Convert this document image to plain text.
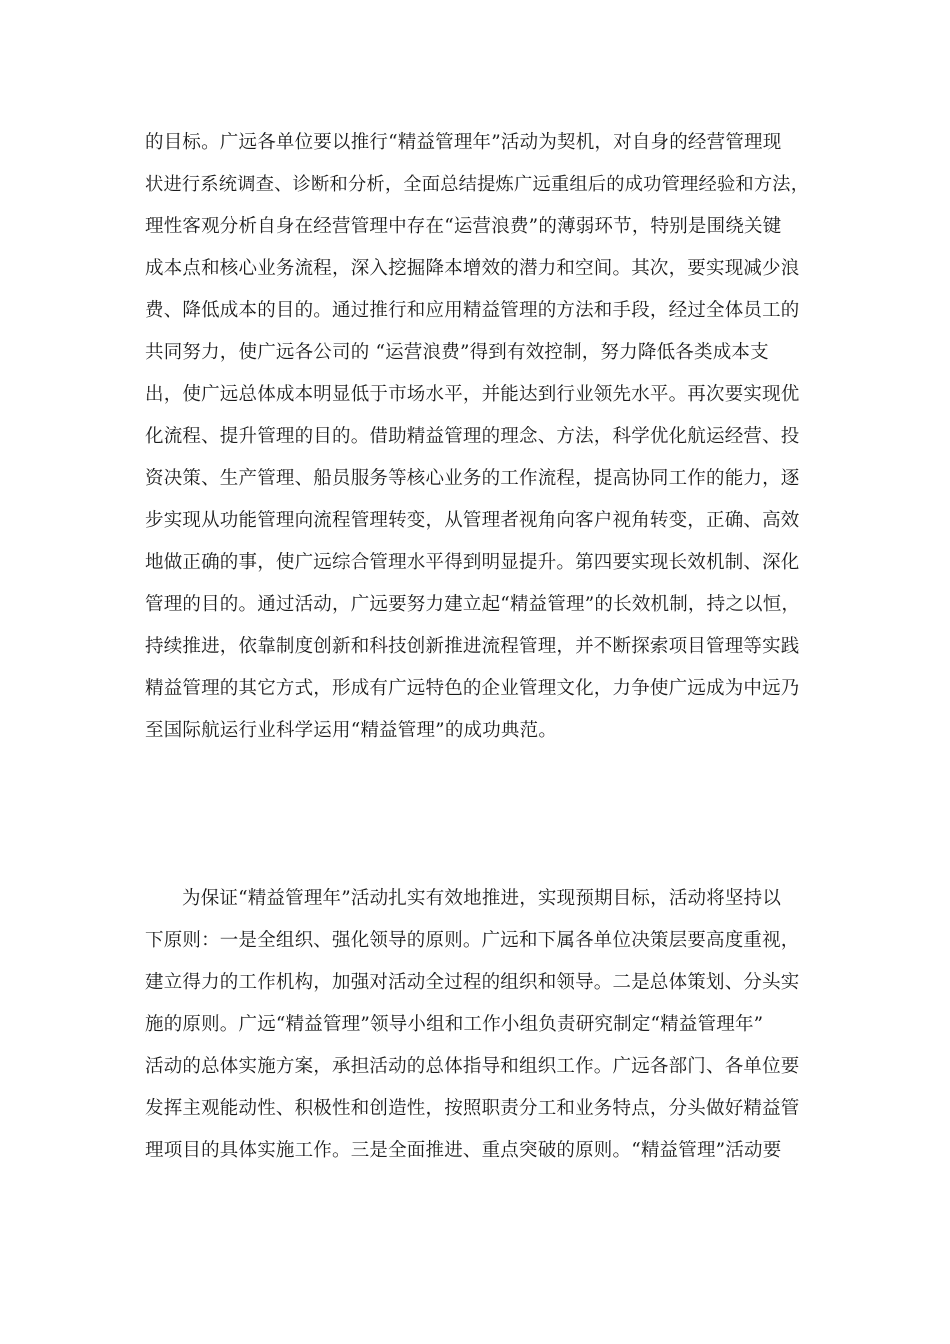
的目标。广远各单位要以推行“精益管理年”活动为契机，对自身的经营管理现
状进行系统调查、诊断和分析，全面总结提炼广远重组后的成功管理经验和方法，
理性客观分析自身在经营管理中存在“运营浪费”的薄弱环节，特别是围绕关键
成本点和核心业务流程，深入挖掘降本增效的潜力和空间。其次，要实现减少浪
费、降低成本的目的。通过推行和应用精益管理的方法和手段，经过全体员工的
共同努力，使广远各公司的 “运营浪费”得到有效控制，努力降低各类成本支
出，使广远总体成本明显低于市场水平，并能达到行业领先水平。再次要实现优
化流程、提升管理的目的。借助精益管理的理念、方法，科学优化航运经营、投
资决策、生产管理、船员服务等核心业务的工作流程，提高协同工作的能力，逐
步实现从功能管理向流程管理转变，从管理者视角向客户视角转变，正确、高效
地做正确的事，使广远综合管理水平得到明显提升。第四要实现长效机制、深化
管理的目的。通过活动，广远要努力建立起“精益管理”的长效机制，持之以恒，
持续推进，依靠制度创新和科技创新推进流程管理，并不断探索项目管理等实践
精益管理的其它方式，形成有广远特色的企业管理文化，力争使广远成为中远乃
至国际航运行业科学运用“精益管理”的成功典范。
为保证“精益管理年”活动扎实有效地推进，实现预期目标，活动将坚持以
下原则：一是全组织、强化领导的原则。广远和下属各单位决策层要高度重视，
建立得力的工作机构，加强对活动全过程的组织和领导。二是总体策划、分头实
施的原则。广远“精益管理”领导小组和工作小组负责研究制定“精益管理年”
活动的总体实施方案，承担活动的总体指导和组织工作。广远各部门、各单位要
发挥主观能动性、积极性和创造性，按照职责分工和业务特点，分头做好精益管
理项目的具体实施工作。三是全面推进、重点突破的原则。“精益管理”活动要
